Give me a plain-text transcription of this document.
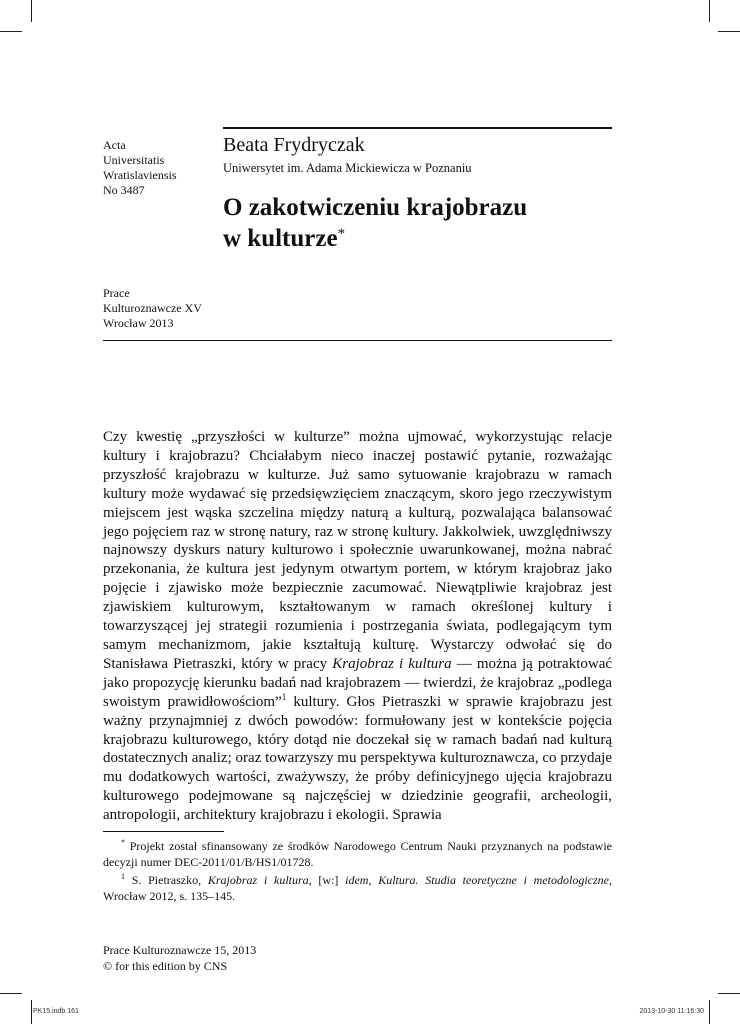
Acta
Universitatis
Wratislaviensis
No 3487
Beata Frydryczak
Uniwersytet im. Adama Mickiewicza w Poznaniu
O zakotwiczeniu krajobrazu
w kulturze*
Prace
Kulturoznawcze XV
Wrocław 2013

Czy kwestię „przyszłości w kulturze” można ujmować, wykorzystując relacje kultury i krajobrazu? Chciałabym nieco inaczej postawić pytanie, rozważając przyszłość krajobrazu w kulturze. Już samo sytuowanie krajobrazu w ramach kultury może wydawać się przedsięwzięciem znaczącym, skoro jego rzeczywistym miejscem jest wąska szczelina między naturą a kulturą, pozwalająca balansować jego pojęciem raz w stronę natury, raz w stronę kultury. Jakkolwiek, uwzględniwszy najnowszy dyskurs natury kulturowo i społecznie uwarunkowanej, można nabrać przekonania, że kultura jest jedynym otwartym portem, w którym krajobraz jako pojęcie i zjawisko może bezpiecznie zacumować. Niewątpliwie krajobraz jest zjawiskiem kulturowym, kształtowanym w ramach określonej kultury i towarzyszącej jej strategii rozumienia i postrzegania świata, podlegającym tym samym mechanizmom, jakie kształtują kulturę. Wystarczy odwołać się do Stanisława Pietraszki, który w pracy Krajobraz i kultura — można ją potraktować jako propozycję kierunku badań nad krajobrazem — twierdzi, że krajobraz „podlega swoistym prawidłowościom”$^1$ kultury. Głos Pietraszki w sprawie krajobrazu jest ważny przynajmniej z dwóch powodów: formułowany jest w kontekście pojęcia krajobrazu kulturowego, który dotąd nie doczekał się w ramach badań nad kulturą dostatecznych analiz; oraz towarzyszy mu perspektywa kulturoznawcza, co przydaje mu dodatkowych wartości, zważywszy, że próby definicyjnego ujęcia krajobrazu kulturowego podejmowane są najczęściej w dziedzinie geografii, archeologii, antropologii, architektury krajobrazu i ekologii. Sprawia

* Projekt został sfinansowany ze środków Narodowego Centrum Nauki przyznanych na podstawie decyzji numer DEC-2011/01/B/HS1/01728.

$^1$ S. Pietraszko, Krajobraz i kultura, [w:] idem, Kultura. Studia teoretyczne i metodologiczne, Wrocław 2012, s. 135–145.

Prace Kulturoznawcze 15, 2013
© for this edition by CNS
PK15.indb 161	2013-10-30 11:16:30
